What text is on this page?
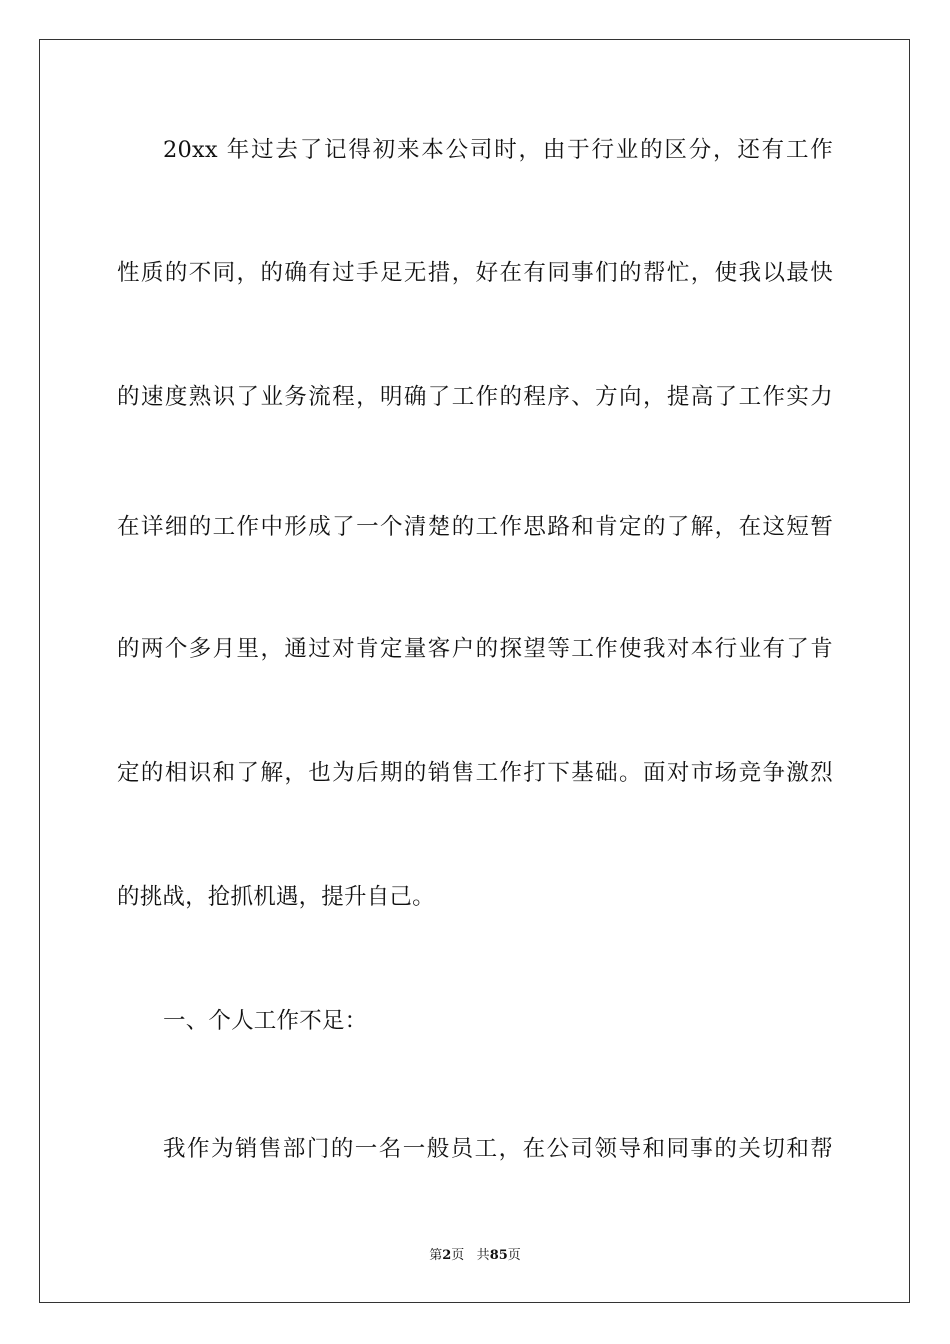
20xx 年过去了记得初来本公司时，由于行业的区分，还有工作
性质的不同，的确有过手足无措，好在有同事们的帮忙，使我以最快
的速度熟识了业务流程，明确了工作的程序、方向，提高了工作实力
在详细的工作中形成了一个清楚的工作思路和肯定的了解，在这短暂
的两个多月里，通过对肯定量客户的探望等工作使我对本行业有了肯
定的相识和了解，也为后期的销售工作打下基础。面对市场竞争激烈
的挑战，抢抓机遇，提升自己。
一、个人工作不足：
我作为销售部门的一名一般员工，在公司领导和同事的关切和帮
第2页 共85页
